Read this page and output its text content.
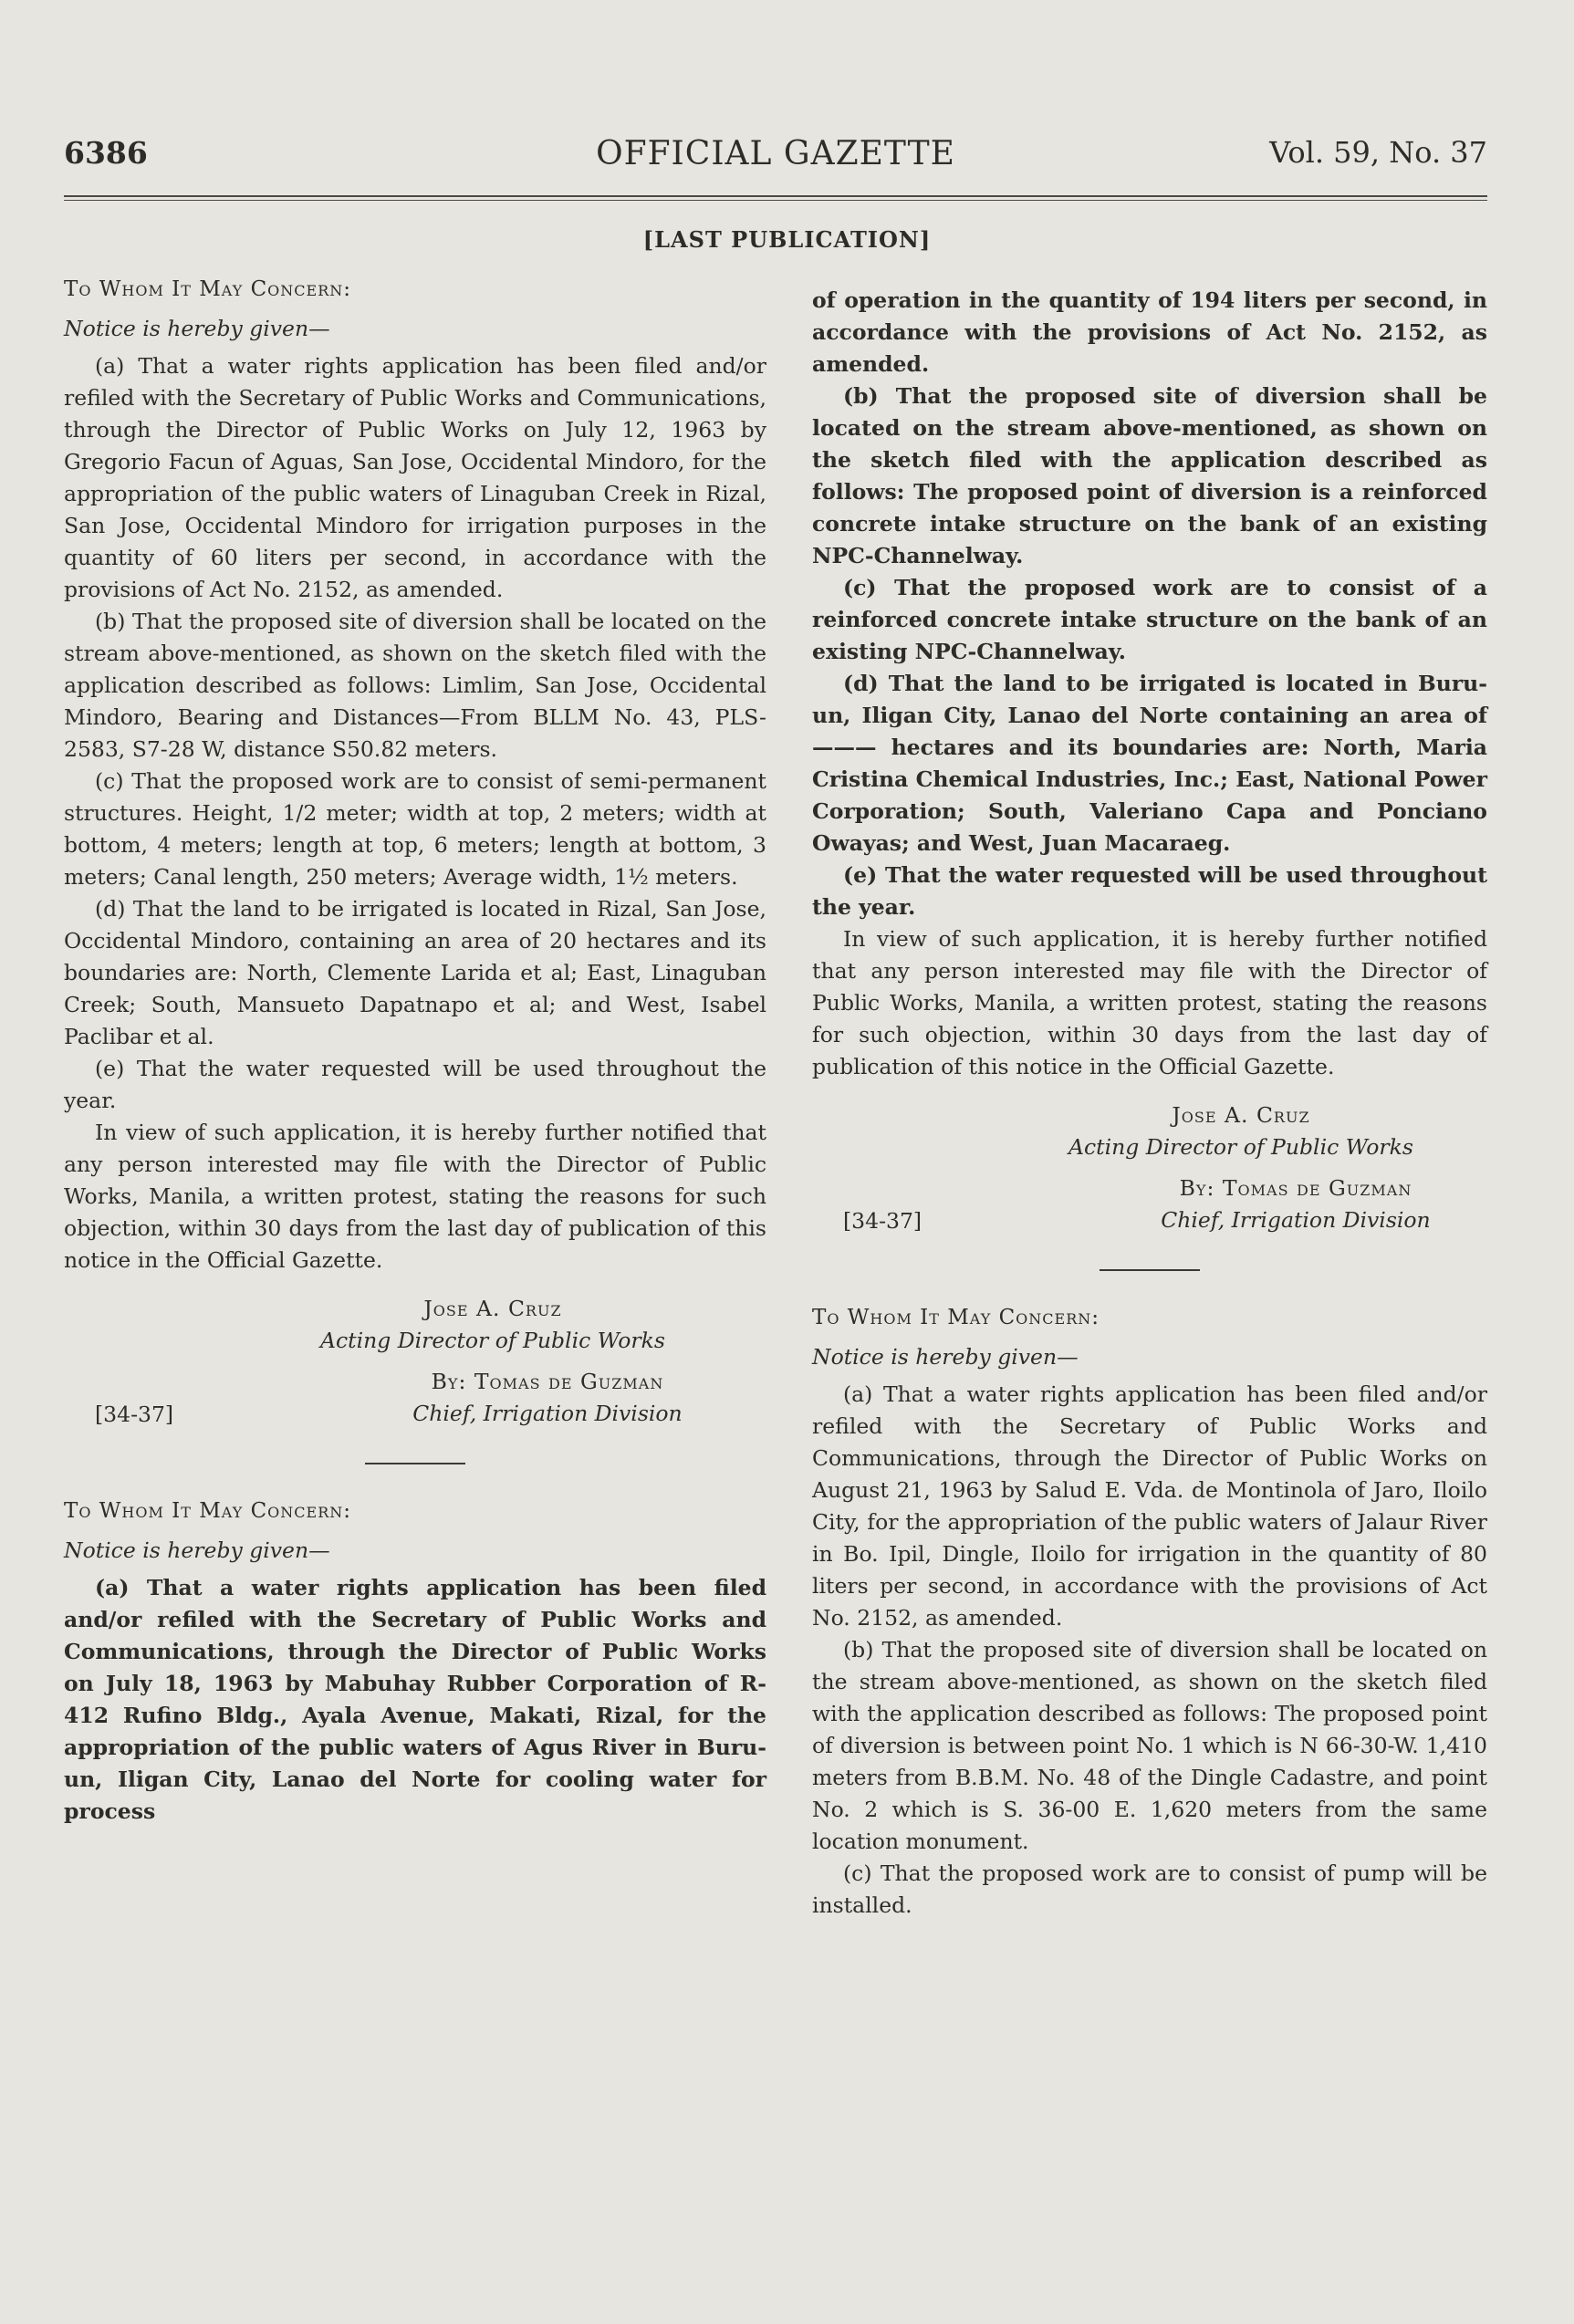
6386	OFFICIAL GAZETTE	Vol. 59, No. 37
[LAST PUBLICATION]

To Whom It May Concern:

Notice is hereby given—

(a) That a water rights application has been filed and/or refiled with the Secretary of Public Works and Communications, through the Director of Public Works on July 12, 1963 by Gregorio Facun of Aguas, San Jose, Occidental Mindoro, for the appropriation of the public waters of Linaguban Creek in Rizal, San Jose, Occidental Mindoro for irrigation purposes in the quantity of 60 liters per second, in accordance with the provisions of Act No. 2152, as amended.

(b) That the proposed site of diversion shall be located on the stream above-mentioned, as shown on the sketch filed with the application described as follows: Limlim, San Jose, Occidental Mindoro, Bearing and Distances—From BLLM No. 43, PLS-2583, S7-28 W, distance S50.82 meters.

(c) That the proposed work are to consist of semi-permanent structures. Height, 1/2 meter; width at top, 2 meters; width at bottom, 4 meters; length at top, 6 meters; length at bottom, 3 meters; Canal length, 250 meters; Average width, 1½ meters.

(d) That the land to be irrigated is located in Rizal, San Jose, Occidental Mindoro, containing an area of 20 hectares and its boundaries are: North, Clemente Larida et al; East, Linaguban Creek; South, Mansueto Dapatnapo et al; and West, Isabel Paclibar et al.

(e) That the water requested will be used throughout the year.

In view of such application, it is hereby further notified that any person interested may file with the Director of Public Works, Manila, a written protest, stating the reasons for such objection, within 30 days from the last day of publication of this notice in the Official Gazette.

Jose A. Cruz
Acting Director of Public Works
[34-37]
By: Tomas de Guzman
Chief, Irrigation Division

To Whom It May Concern:

Notice is hereby given—

(a) That a water rights application has been filed and/or refiled with the Secretary of Public Works and Communications, through the Director of Public Works on July 18, 1963 by Mabuhay Rubber Corporation of R-412 Rufino Bldg., Ayala Avenue, Makati, Rizal, for the appropriation of the public waters of Agus River in Buru-un, Iligan City, Lanao del Norte for cooling water for process

of operation in the quantity of 194 liters per second, in accordance with the provisions of Act No. 2152, as amended.

(b) That the proposed site of diversion shall be located on the stream above-mentioned, as shown on the sketch filed with the application described as follows: The proposed point of diversion is a reinforced concrete intake structure on the bank of an existing NPC-Channelway.

(c) That the proposed work are to consist of a reinforced concrete intake structure on the bank of an existing NPC-Channelway.

(d) That the land to be irrigated is located in Buru-un, Iligan City, Lanao del Norte containing an area of ——— hectares and its boundaries are: North, Maria Cristina Chemical Industries, Inc.; East, National Power Corporation; South, Valeriano Capa and Ponciano Owayas; and West, Juan Macaraeg.

(e) That the water requested will be used throughout the year.

In view of such application, it is hereby further notified that any person interested may file with the Director of Public Works, Manila, a written protest, stating the reasons for such objection, within 30 days from the last day of publication of this notice in the Official Gazette.

Jose A. Cruz
Acting Director of Public Works
[34-37]
By: Tomas de Guzman
Chief, Irrigation Division

To Whom It May Concern:

Notice is hereby given—

(a) That a water rights application has been filed and/or refiled with the Secretary of Public Works and Communications, through the Director of Public Works on August 21, 1963 by Salud E. Vda. de Montinola of Jaro, Iloilo City, for the appropriation of the public waters of Jalaur River in Bo. Ipil, Dingle, Iloilo for irrigation in the quantity of 80 liters per second, in accordance with the provisions of Act No. 2152, as amended.

(b) That the proposed site of diversion shall be located on the stream above-mentioned, as shown on the sketch filed with the application described as follows: The proposed point of diversion is between point No. 1 which is N 66-30-W. 1,410 meters from B.B.M. No. 48 of the Dingle Cadastre, and point No. 2 which is S. 36-00 E. 1,620 meters from the same location monument.

(c) That the proposed work are to consist of pump will be installed.
